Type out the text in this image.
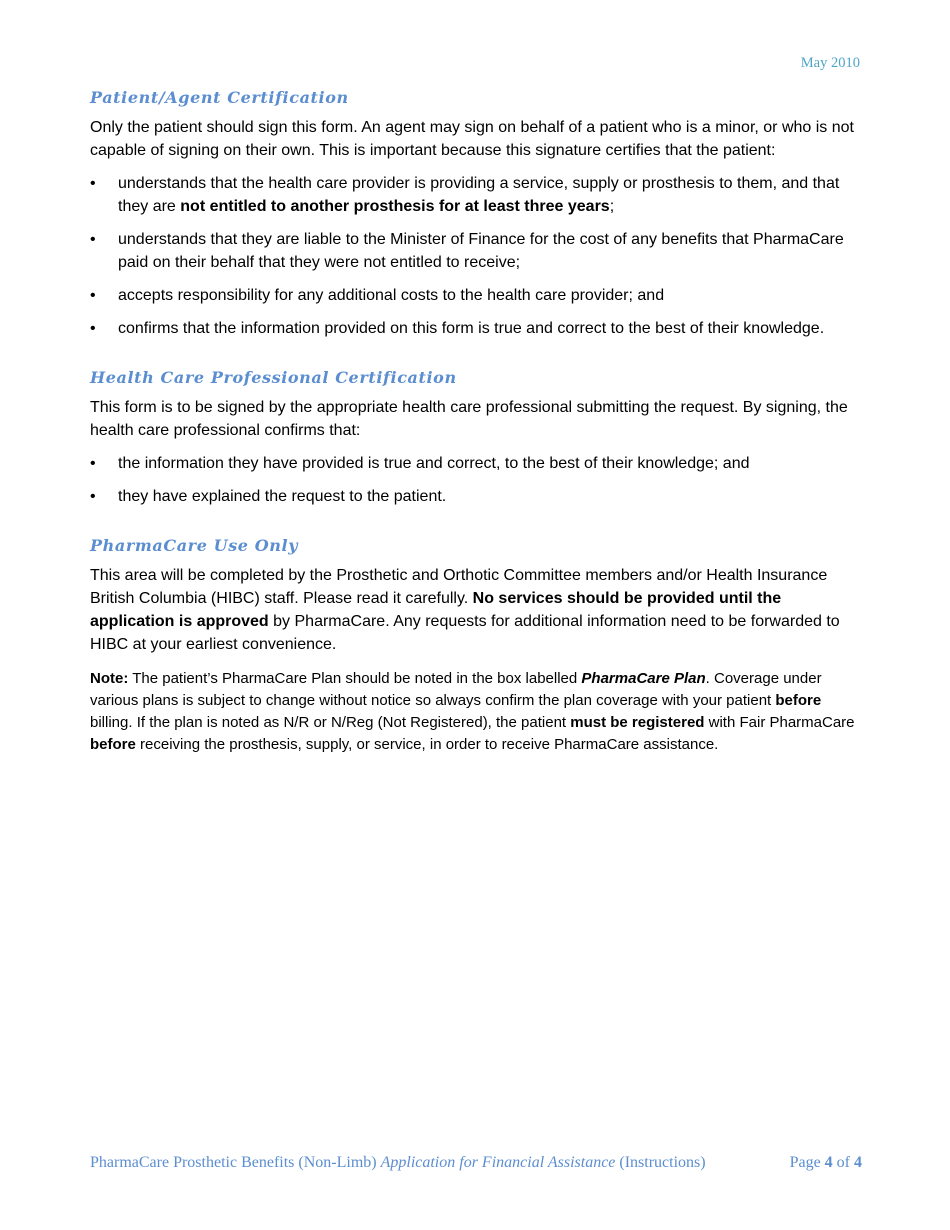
May 2010
Patient/Agent Certification

Only the patient should sign this form. An agent may sign on behalf of a patient who is a minor, or who is not capable of signing on their own. This is important because this signature certifies that the patient:

• understands that the health care provider is providing a service, supply or prosthesis to them, and that they are not entitled to another prosthesis for at least three years;
• understands that they are liable to the Minister of Finance for the cost of any benefits that PharmaCare paid on their behalf that they were not entitled to receive;
• accepts responsibility for any additional costs to the health care provider; and
• confirms that the information provided on this form is true and correct to the best of their knowledge.
Health Care Professional Certification

This form is to be signed by the appropriate health care professional submitting the request. By signing, the health care professional confirms that:

• the information they have provided is true and correct, to the best of their knowledge; and
• they have explained the request to the patient.
PharmaCare Use Only

This area will be completed by the Prosthetic and Orthotic Committee members and/or Health Insurance British Columbia (HIBC) staff. Please read it carefully. No services should be provided until the application is approved by PharmaCare. Any requests for additional information need to be forwarded to HIBC at your earliest convenience.

Note: The patient’s PharmaCare Plan should be noted in the box labelled PharmaCare Plan. Coverage under various plans is subject to change without notice so always confirm the plan coverage with your patient before billing. If the plan is noted as N/R or N/Reg (Not Registered), the patient must be registered with Fair PharmaCare before receiving the prosthesis, supply, or service, in order to receive PharmaCare assistance.

PharmaCare Prosthetic Benefits (Non-Limb) Application for Financial Assistance (Instructions)	Page 4 of 4
